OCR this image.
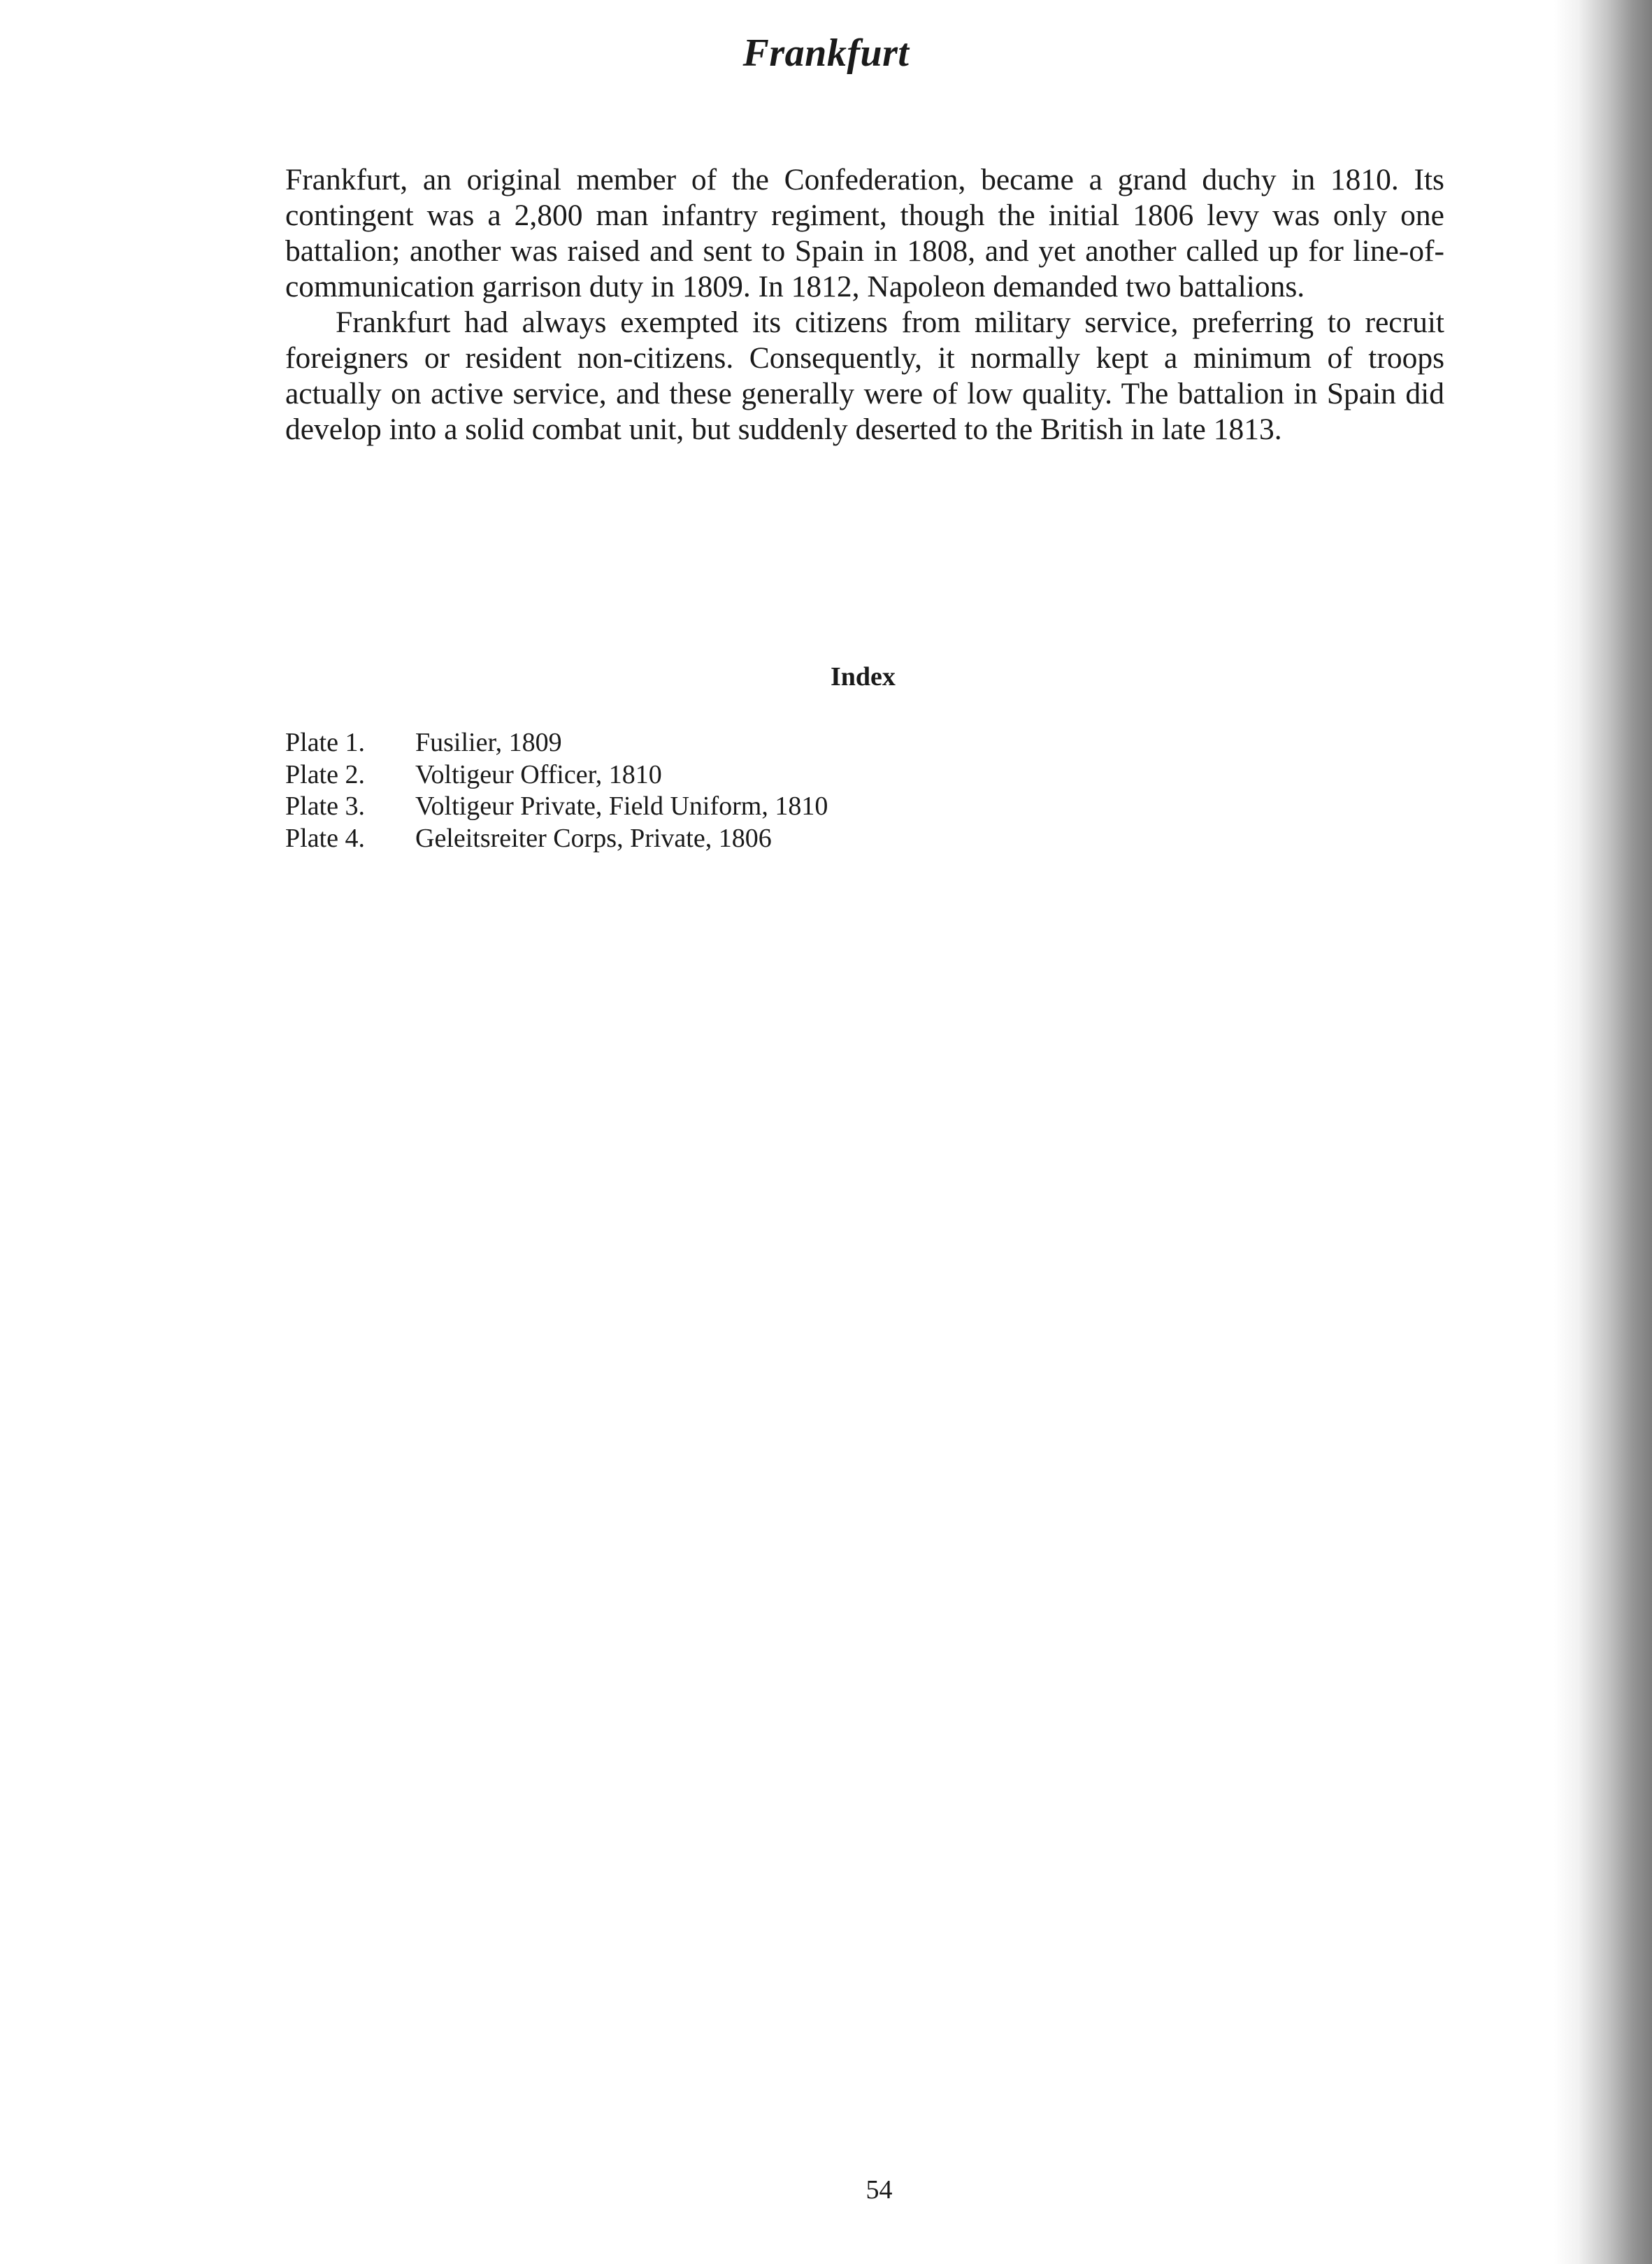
Frankfurt

Frankfurt, an original member of the Confederation, became a grand duchy in 1810. Its contingent was a 2,800 man infantry regiment, though the initial 1806 levy was only one battalion; another was raised and sent to Spain in 1808, and yet another called up for line-of-communication garrison duty in 1809. In 1812, Napoleon demanded two battalions.

Frankfurt had always exempted its citizens from military service, preferring to recruit foreigners or resident non-citizens. Consequently, it normally kept a minimum of troops actually on active service, and these generally were of low quality. The battalion in Spain did develop into a solid combat unit, but suddenly deserted to the British in late 1813.

Index
Plate 1.	Fusilier, 1809
Plate 2.	Voltigeur Officer, 1810
Plate 3.	Voltigeur Private, Field Uniform, 1810
Plate 4.	Geleitsreiter Corps, Private, 1806
54
